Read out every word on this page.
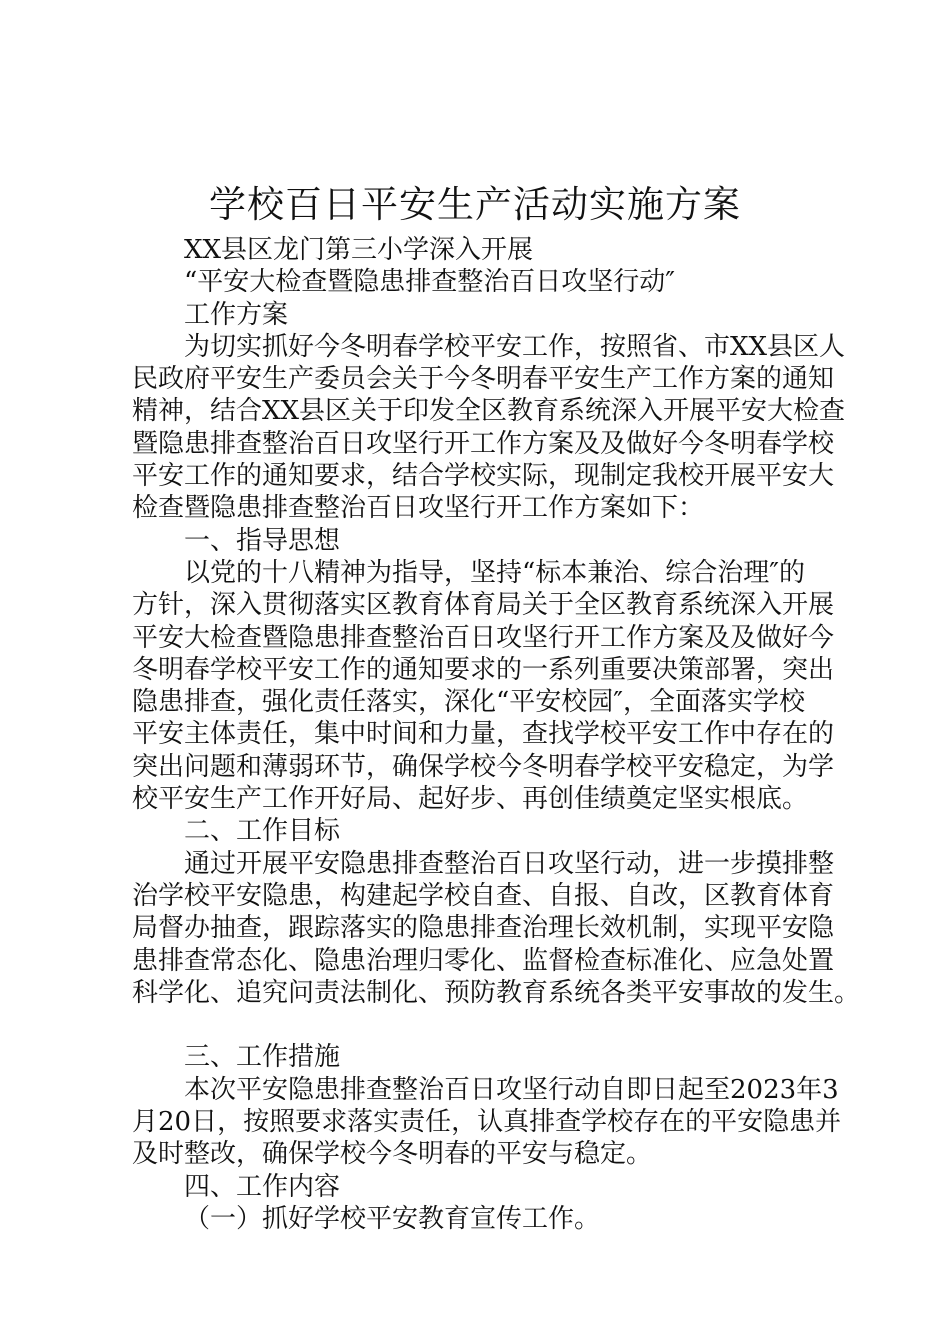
学校百日平安生产活动实施方案

XX县区龙门第三小学深入开展

“平安大检查暨隐患排查整治百日攻坚行动″

工作方案

为切实抓好今冬明春学校平安工作，按照省、市XX县区人

民政府平安生产委员会关于今冬明春平安生产工作方案的通知

精神，结合XX县区关于印发全区教育系统深入开展平安大检查

暨隐患排查整治百日攻坚行开工作方案及及做好今冬明春学校

平安工作的通知要求，结合学校实际，现制定我校开展平安大

检查暨隐患排查整治百日攻坚行开工作方案如下：

一、指导思想

以党的十八精神为指导，坚持“标本兼治、综合治理″的

方针，深入贯彻落实区教育体育局关于全区教育系统深入开展

平安大检查暨隐患排查整治百日攻坚行开工作方案及及做好今

冬明春学校平安工作的通知要求的一系列重要决策部署，突出

隐患排查，强化责任落实，深化“平安校园″，全面落实学校

平安主体责任，集中时间和力量，查找学校平安工作中存在的

突出问题和薄弱环节，确保学校今冬明春学校平安稳定，为学

校平安生产工作开好局、起好步、再创佳绩奠定坚实根底。

二、工作目标

通过开展平安隐患排查整治百日攻坚行动，进一步摸排整

治学校平安隐患，构建起学校自查、自报、自改，区教育体育

局督办抽查，跟踪落实的隐患排查治理长效机制，实现平安隐

患排查常态化、隐患治理归零化、监督检查标准化、应急处置

科学化、追究问责法制化、预防教育系统各类平安事故的发生。

三、工作措施

本次平安隐患排查整治百日攻坚行动自即日起至2023年3

月20日，按照要求落实责任，认真排查学校存在的平安隐患并

及时整改，确保学校今冬明春的平安与稳定。

四、工作内容

（一）抓好学校平安教育宣传工作。
